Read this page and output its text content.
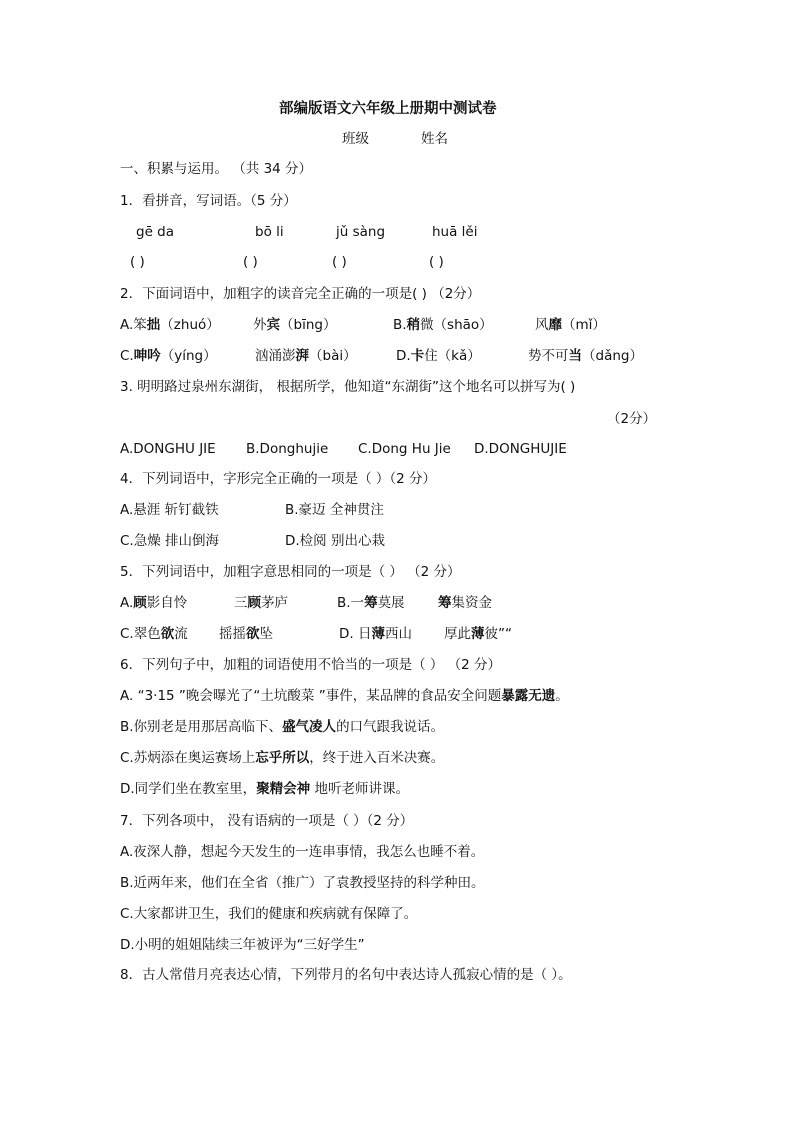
部编版语文六年级上册期中测试卷
班级	姓名
一、积累与运用。 （共 34 分）
1．看拼音，写词语。（5 分）
gē da	bō li	jǔ sàng	huā lěi
( )	( )	( )	( )
2．下面词语中，加粗字的读音完全正确的一项是( ) （2分）
A.笨拙（zhuó） 外宾（bīng）	B.稍微（shāo）	风靡（mǐ）
C.呻吟（yíng）	汹涌澎湃（bài）	D.卡住（kǎ）	势不可当（dǎng）
3. 明明路过泉州东湖街， 根据所学，他知道“东湖街”这个地名可以拼写为( )
（2分）
A.DONGHU JIE B.Donghujie C.Dong Hu Jie D.DONGHUJIE
4．下列词语中，字形完全正确的一项是（ ）（2 分）
A.悬涯 斩钉截铁	B.豪迈 全神贯注
C.急燥 排山倒海	D.检阅 别出心栽
5．下列词语中，加粗字意思相同的一项是（ ） （2 分）
A.顾影自怜	三顾茅庐	B.一筹莫展 筹集资金
C.翠色欲流 摇摇欲坠	D. 日薄西山 厚此薄彼”“
6．下列句子中，加粗的词语使用不恰当的一项是（ ） （2 分）
A. “3·15 ”晚会曝光了“土坑酸菜 ”事件，某品牌的食品安全问题暴露无遗。
B.你别老是用那居高临下、盛气凌人的口气跟我说话。
C.苏炳添在奥运赛场上忘乎所以，终于进入百米决赛。
D.同学们坐在教室里，聚精会神 地听老师讲课。
7．下列各项中， 没有语病的一项是（ ）（2 分）
A.夜深人静，想起今天发生的一连串事情，我怎么也睡不着。
B.近两年来，他们在全省（推广）了袁教授坚持的科学种田。
C.大家都讲卫生，我们的健康和疾病就有保障了。
D.小明的姐姐陆续三年被评为“三好学生”
8．古人常借月亮表达心情，下列带月的名句中表达诗人孤寂心情的是（ ）。
